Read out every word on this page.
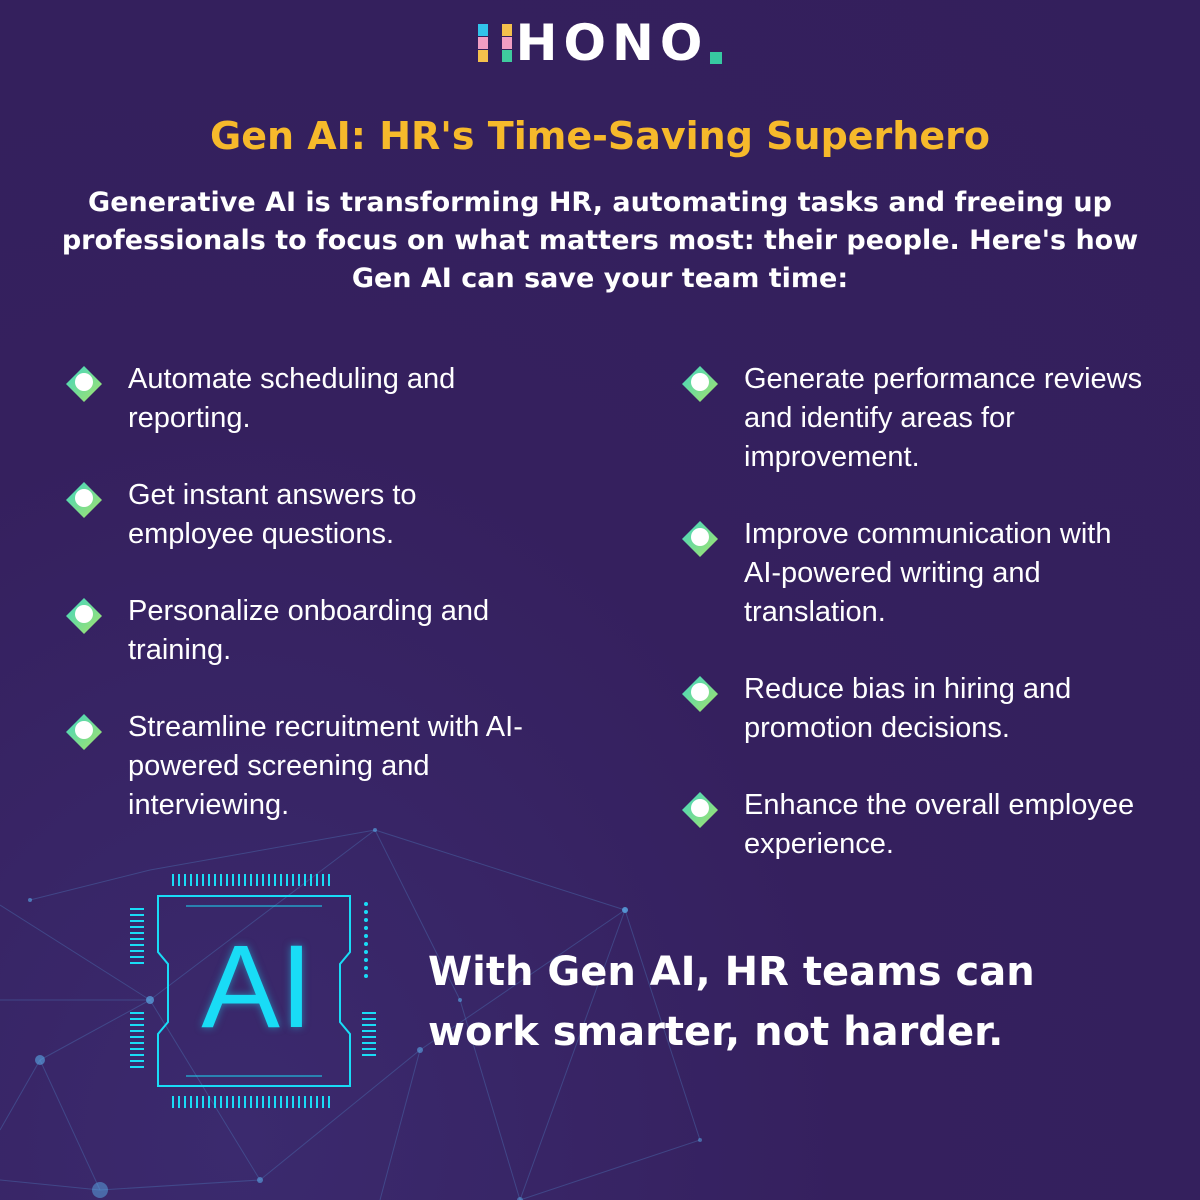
HONO
Gen AI: HR's Time-Saving Superhero
Generative AI is transforming HR, automating tasks and freeing up professionals to focus on what matters most: their people. Here's how Gen AI can save your team time:
Automate scheduling and reporting.
Get instant answers to employee questions.
Personalize onboarding and training.
Streamline recruitment with AI-powered screening and interviewing.
Generate performance reviews and identify areas for improvement.
Improve communication with AI-powered writing and translation.
Reduce bias in hiring and promotion decisions.
Enhance the overall employee experience.
AI	With Gen AI, HR teams can work smarter, not harder.
